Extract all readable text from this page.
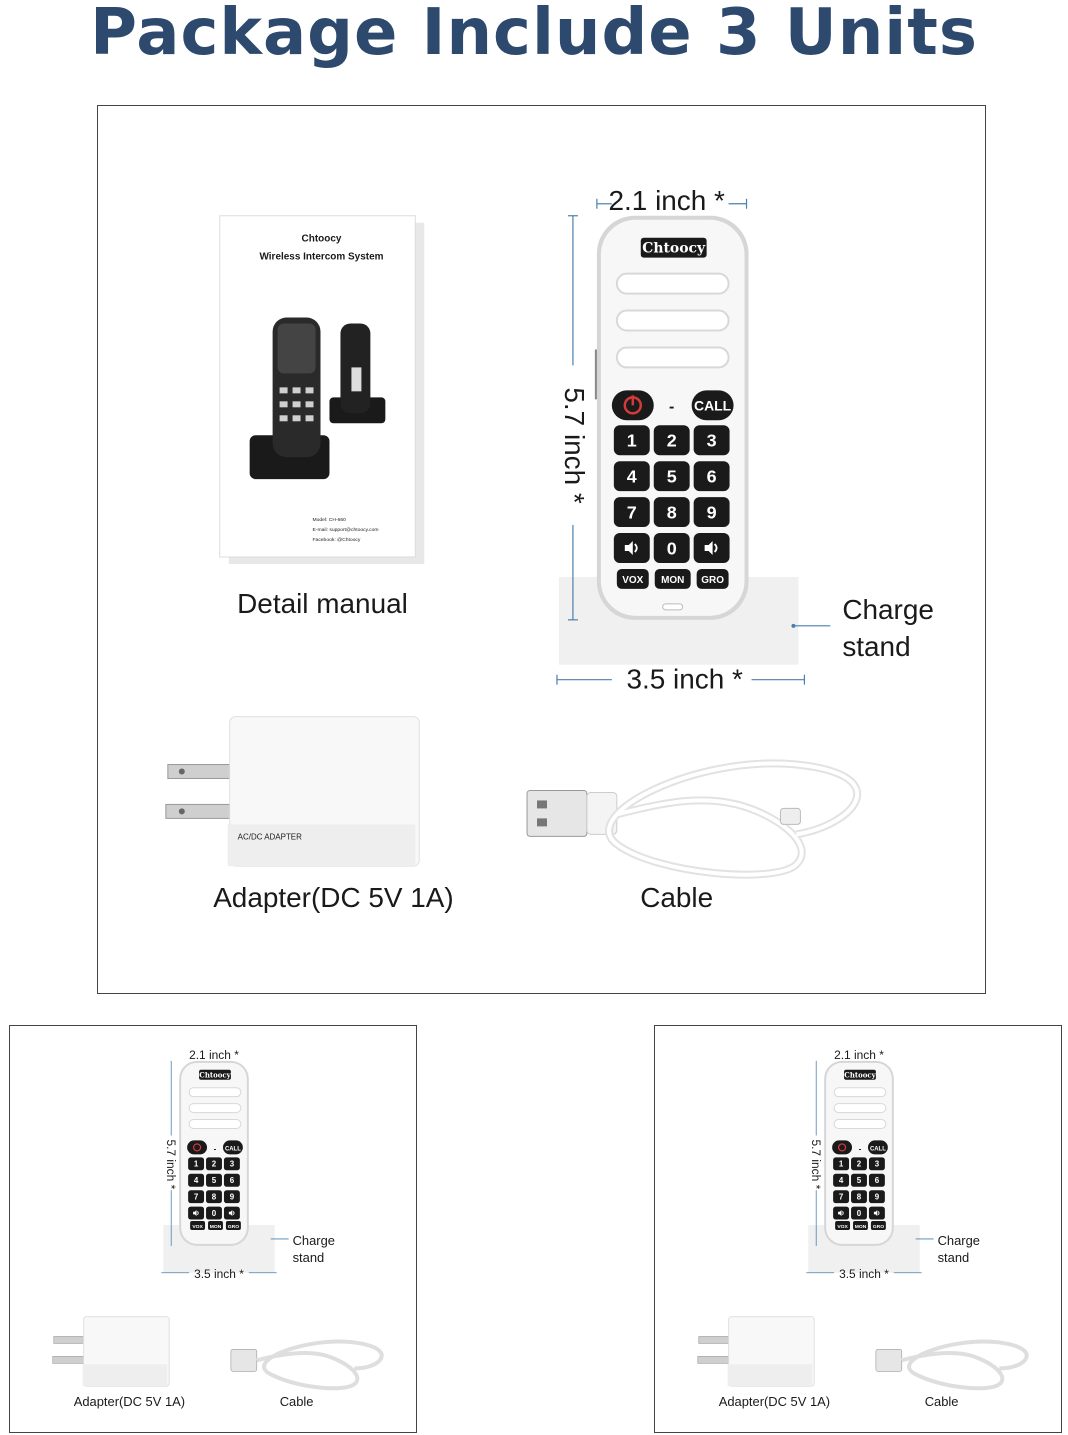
Package Include 3 Units
Chtoocy
Wireless Intercom System
Model: CH-660
E-mail: support@chtoocy.com
Facebook: @Chtoocy
Detail manual
Chtoocy
- CALL
1 2 3
4 5 6
7 8 9
0
VOX MON GRO
2.1 inch *
5.7 inch *
3.5 inch *
Charge
stand
AC/DC ADAPTER
Adapter(DC 5V 1A)	Cable
Chtoocy
- CALL
1 2 3
4 5 6
7 8 9
0
VOX MON GRO
2.1 inch *
5.7 inch *
3.5 inch *
Charge
stand
Adapter(DC 5V 1A)	Cable
Chtoocy
- CALL
1 2 3
4 5 6
7 8 9
0
VOX MON GRO
2.1 inch *
5.7 inch *
3.5 inch *
Charge
stand
Adapter(DC 5V 1A)	Cable
